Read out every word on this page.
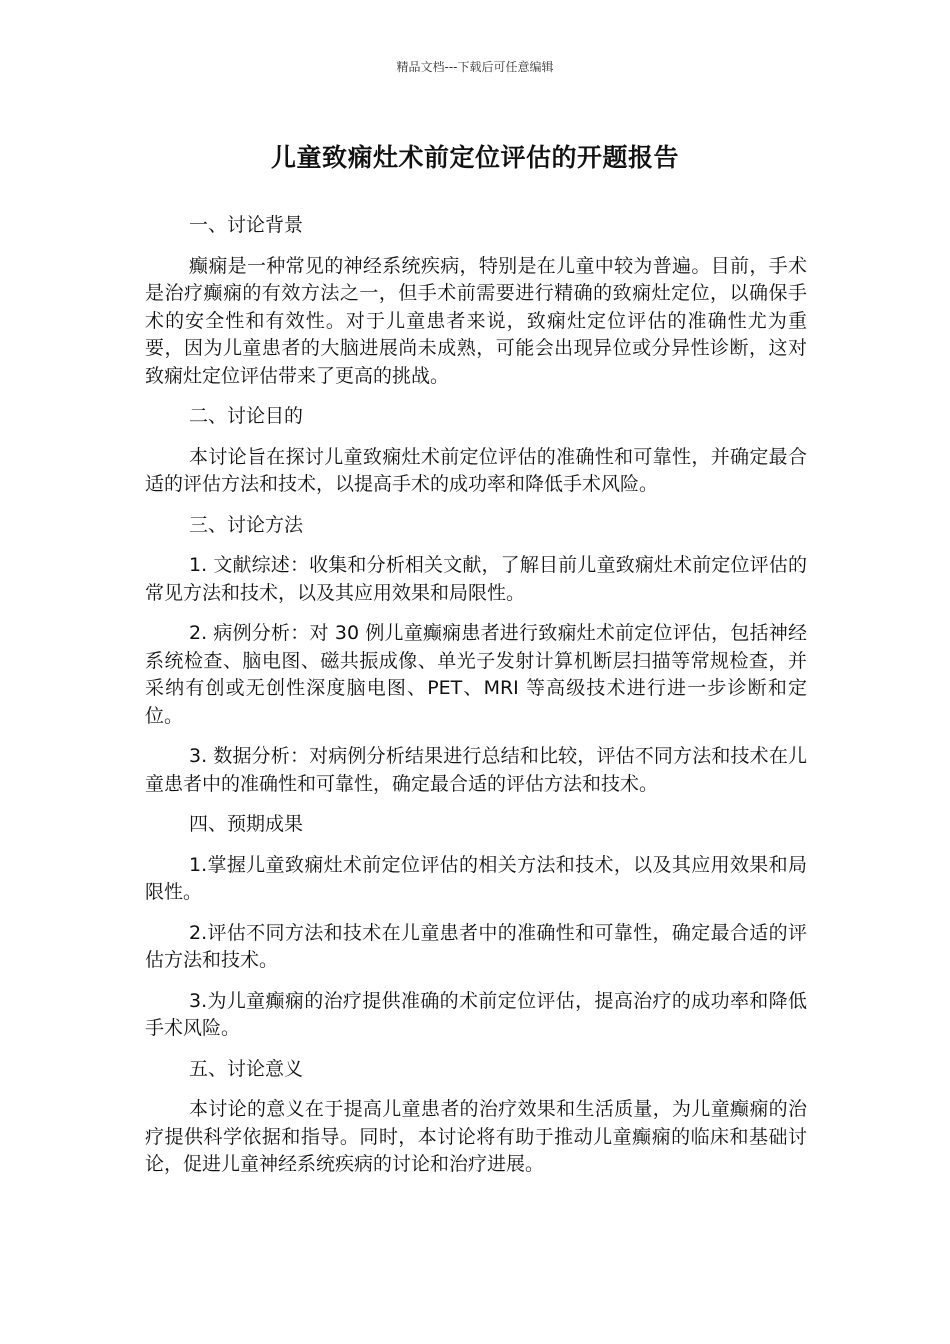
精品文档---下载后可任意编辑
儿童致痫灶术前定位评估的开题报告

一、讨论背景

癫痫是一种常见的神经系统疾病，特别是在儿童中较为普遍。目前，手术是治疗癫痫的有效方法之一，但手术前需要进行精确的致痫灶定位，以确保手术的安全性和有效性。对于儿童患者来说，致痫灶定位评估的准确性尤为重要，因为儿童患者的大脑进展尚未成熟，可能会出现异位或分异性诊断，这对致痫灶定位评估带来了更高的挑战。

二、讨论目的

本讨论旨在探讨儿童致痫灶术前定位评估的准确性和可靠性，并确定最合适的评估方法和技术，以提高手术的成功率和降低手术风险。

三、讨论方法

1. 文献综述：收集和分析相关文献，了解目前儿童致痫灶术前定位评估的常见方法和技术，以及其应用效果和局限性。

2. 病例分析：对 30 例儿童癫痫患者进行致痫灶术前定位评估，包括神经系统检查、脑电图、磁共振成像、单光子发射计算机断层扫描等常规检查，并采纳有创或无创性深度脑电图、PET、MRI 等高级技术进行进一步诊断和定位。

3. 数据分析：对病例分析结果进行总结和比较，评估不同方法和技术在儿童患者中的准确性和可靠性，确定最合适的评估方法和技术。

四、预期成果

1.掌握儿童致痫灶术前定位评估的相关方法和技术，以及其应用效果和局限性。

2.评估不同方法和技术在儿童患者中的准确性和可靠性，确定最合适的评估方法和技术。

3.为儿童癫痫的治疗提供准确的术前定位评估，提高治疗的成功率和降低手术风险。

五、讨论意义

本讨论的意义在于提高儿童患者的治疗效果和生活质量，为儿童癫痫的治疗提供科学依据和指导。同时，本讨论将有助于推动儿童癫痫的临床和基础讨论，促进儿童神经系统疾病的讨论和治疗进展。
